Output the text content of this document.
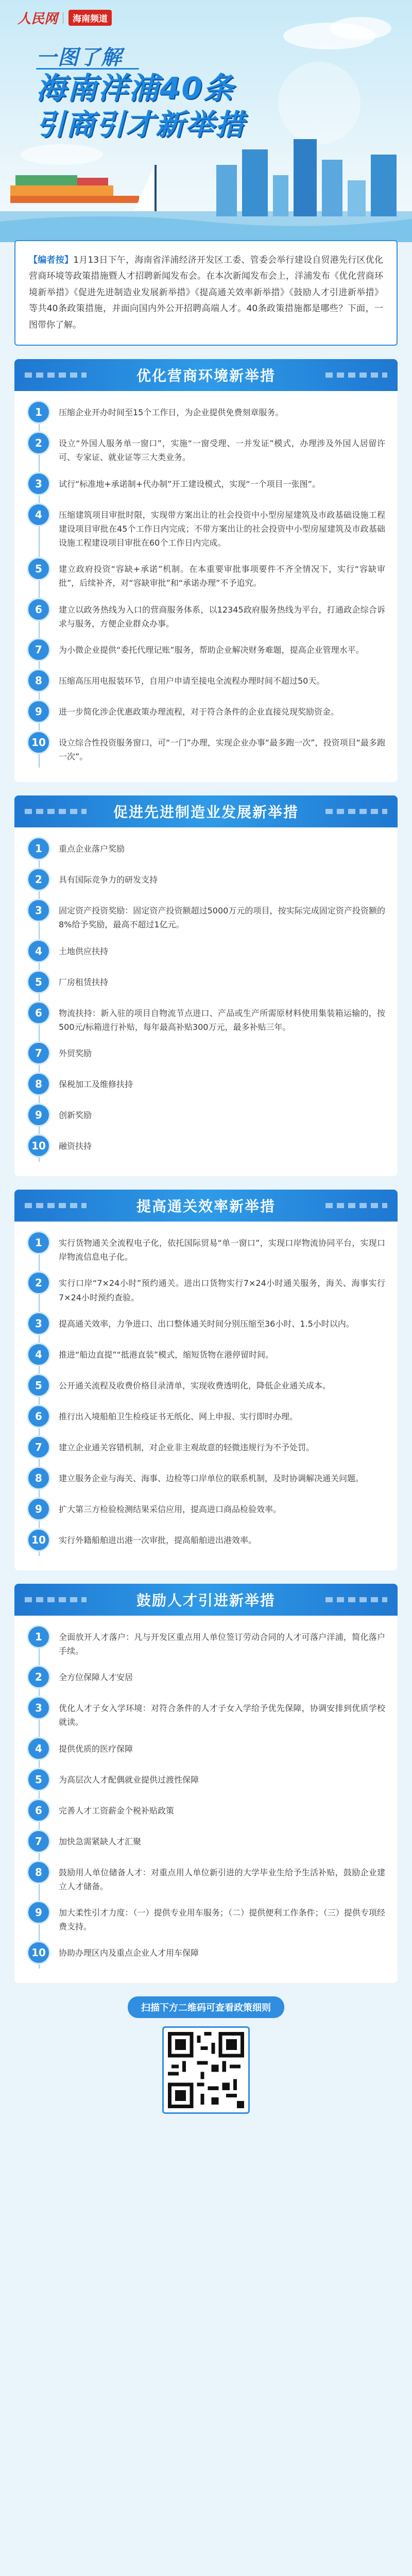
人民网	海南频道
一图了解
海南洋浦40条
引商引才新举措
【编者按】1月13日下午，海南省洋浦经济开发区工委、管委会举行建设自贸港先行区优化营商环境等政策措施暨人才招聘新闻发布会。在本次新闻发布会上，洋浦发布《优化营商环境新举措》《促进先进制造业发展新举措》《提高通关效率新举措》《鼓励人才引进新举措》等共40条政策措施，并面向国内外公开招聘高端人才。40条政策措施都是哪些？下面，一图带你了解。
优化营商环境新举措
1	压缩企业开办时间至15个工作日，为企业提供免费刻章服务。
2	设立“外国人服务单一窗口”，实施“一窗受理、一并发证”模式，办理涉及外国人居留许可、专家证、就业证等三大类业务。
3	试行“标准地+承诺制+代办制”开工建设模式，实现“一个项目一张图”。
4	压缩建筑项目审批时限，实现带方案出让的社会投资中小型房屋建筑及市政基础设施工程建设项目审批在45个工作日内完成；不带方案出让的社会投资中小型房屋建筑及市政基础设施工程建设项目审批在60个工作日内完成。
5	建立政府投资“容缺+承诺”机制。在本重要审批事项要件不齐全情况下，实行“容缺审批”，后续补齐，对“容缺审批”和“承诺办理”不予追究。
6	建立以政务热线为入口的营商服务体系，以12345政府服务热线为平台，打通政企综合诉求与服务，方便企业群众办事。
7	为小微企业提供“委托代理记账”服务，帮助企业解决财务难题，提高企业管理水平。
8	压缩高压用电报装环节，自用户申请至接电全流程办理时间不超过50天。
9	进一步简化涉企优惠政策办理流程，对于符合条件的企业直接兑现奖励资金。
10	设立综合性投资服务窗口，可“一门”办理，实现企业办事“最多跑一次”，投资项目“最多跑一次”。
促进先进制造业发展新举措
1	重点企业落户奖励
2	具有国际竞争力的研发支持
3	固定资产投资奖励：固定资产投资额超过5000万元的项目，按实际完成固定资产投资额的8%给予奖励，最高不超过1亿元。
4	土地供应扶持
5	厂房租赁扶持
6	物流扶持：新入驻的项目自物流节点进口、产品或生产所需原材料使用集装箱运输的，按500元/标箱进行补贴，每年最高补贴300万元，最多补贴三年。
7	外贸奖励
8	保税加工及维修扶持
9	创新奖励
10	融资扶持
提高通关效率新举措
1	实行货物通关全流程电子化，依托国际贸易“单一窗口”，实现口岸物流协同平台，实现口岸物流信息电子化。
2	实行口岸“7×24小时”预约通关。进出口货物实行7×24小时通关服务，海关、海事实行7×24小时预约查验。
3	提高通关效率，力争进口、出口整体通关时间分别压缩至36小时、1.5小时以内。
4	推进“船边直提”“抵港直装”模式，缩短货物在港停留时间。
5	公开通关流程及收费价格目录清单，实现收费透明化，降低企业通关成本。
6	推行出入境船舶卫生检疫证书无纸化、网上申报、实行即时办理。
7	建立企业通关容错机制，对企业非主观故意的轻微违规行为不予处罚。
8	建立服务企业与海关、海事、边检等口岸单位的联系机制，及时协调解决通关问题。
9	扩大第三方检验检测结果采信应用，提高进口商品检验效率。
10	实行外籍船舶进出港一次审批，提高船舶进出港效率。
鼓励人才引进新举措
1	全面放开人才落户：凡与开发区重点用人单位签订劳动合同的人才可落户洋浦，简化落户手续。
2	全方位保障人才安居
3	优化人才子女入学环境：对符合条件的人才子女入学给予优先保障，协调安排到优质学校就读。
4	提供优质的医疗保障
5	为高层次人才配偶就业提供过渡性保障
6	完善人才工资薪金个税补贴政策
7	加快急需紧缺人才汇聚
8	鼓励用人单位储备人才：对重点用人单位新引进的大学毕业生给予生活补贴，鼓励企业建立人才储备。
9	加大柔性引才力度：（一）提供专业用车服务；（二）提供便利工作条件；（三）提供专项经费支持。
10	协助办理区内及重点企业人才用车保障
扫描下方二维码可查看政策细则
